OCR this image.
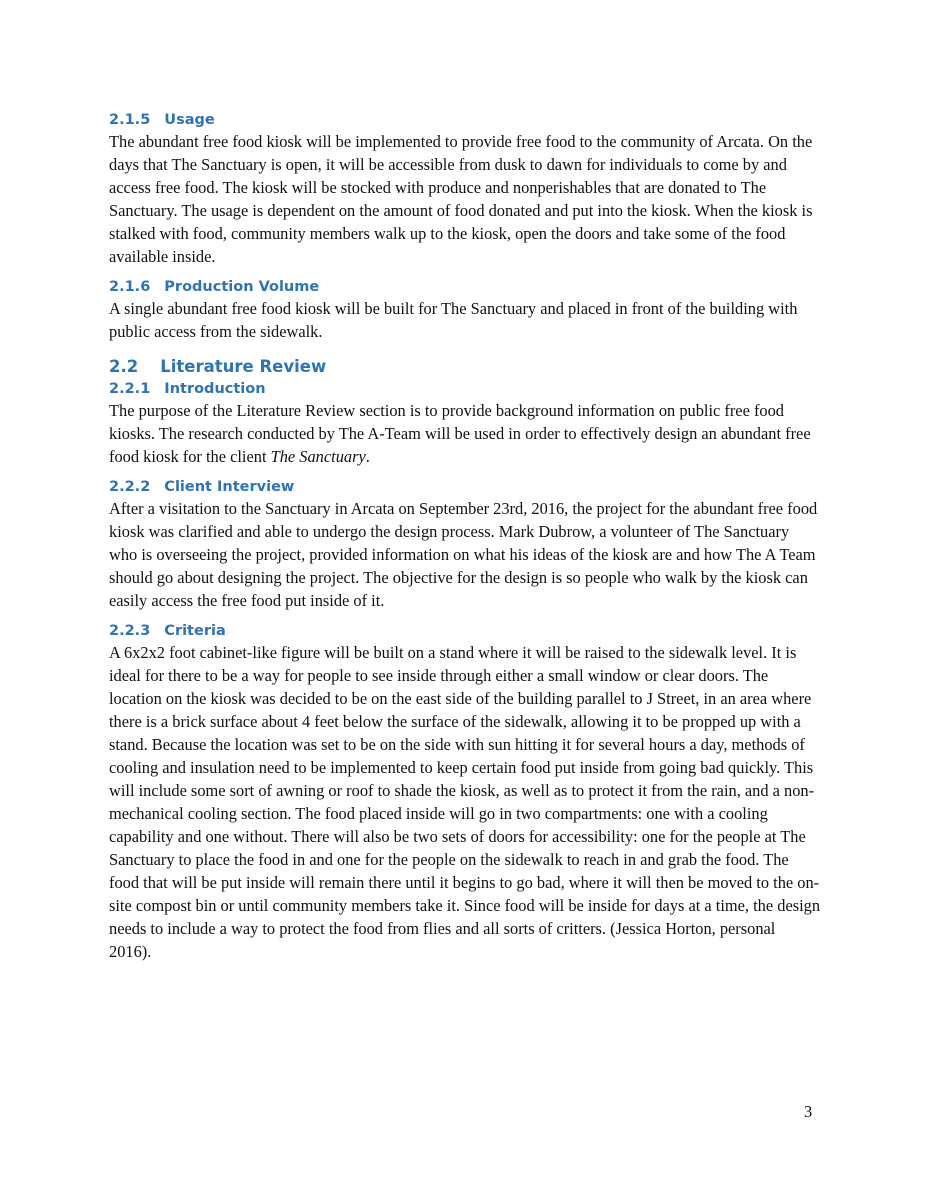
2.1.5 Usage

The abundant free food kiosk will be implemented to provide free food to the community of Arcata. On the days that The Sanctuary is open, it will be accessible from dusk to dawn for individuals to come by and access free food. The kiosk will be stocked with produce and nonperishables that are donated to The Sanctuary. The usage is dependent on the amount of food donated and put into the kiosk. When the kiosk is stalked with food, community members walk up to the kiosk, open the doors and take some of the food available inside.

2.1.6 Production Volume

A single abundant free food kiosk will be built for The Sanctuary and placed in front of the building with public access from the sidewalk.

2.2 Literature Review
2.2.1 Introduction

The purpose of the Literature Review section is to provide background information on public free food kiosks. The research conducted by The A-Team will be used in order to effectively design an abundant free food kiosk for the client The Sanctuary.

2.2.2 Client Interview

After a visitation to the Sanctuary in Arcata on September 23rd, 2016, the project for the abundant free food kiosk was clarified and able to undergo the design process. Mark Dubrow, a volunteer of The Sanctuary who is overseeing the project, provided information on what his ideas of the kiosk are and how The A Team should go about designing the project. The objective for the design is so people who walk by the kiosk can easily access the free food put inside of it.

2.2.3 Criteria

A 6x2x2 foot cabinet-like figure will be built on a stand where it will be raised to the sidewalk level. It is ideal for there to be a way for people to see inside through either a small window or clear doors. The location on the kiosk was decided to be on the east side of the building parallel to J Street, in an area where there is a brick surface about 4 feet below the surface of the sidewalk, allowing it to be propped up with a stand. Because the location was set to be on the side with sun hitting it for several hours a day, methods of cooling and insulation need to be implemented to keep certain food put inside from going bad quickly. This will include some sort of awning or roof to shade the kiosk, as well as to protect it from the rain, and a non-mechanical cooling section. The food placed inside will go in two compartments: one with a cooling capability and one without. There will also be two sets of doors for accessibility: one for the people at The Sanctuary to place the food in and one for the people on the sidewalk to reach in and grab the food. The food that will be put inside will remain there until it begins to go bad, where it will then be moved to the on-site compost bin or until community members take it. Since food will be inside for days at a time, the design needs to include a way to protect the food from flies and all sorts of critters. (Jessica Horton, personal 2016).

3
